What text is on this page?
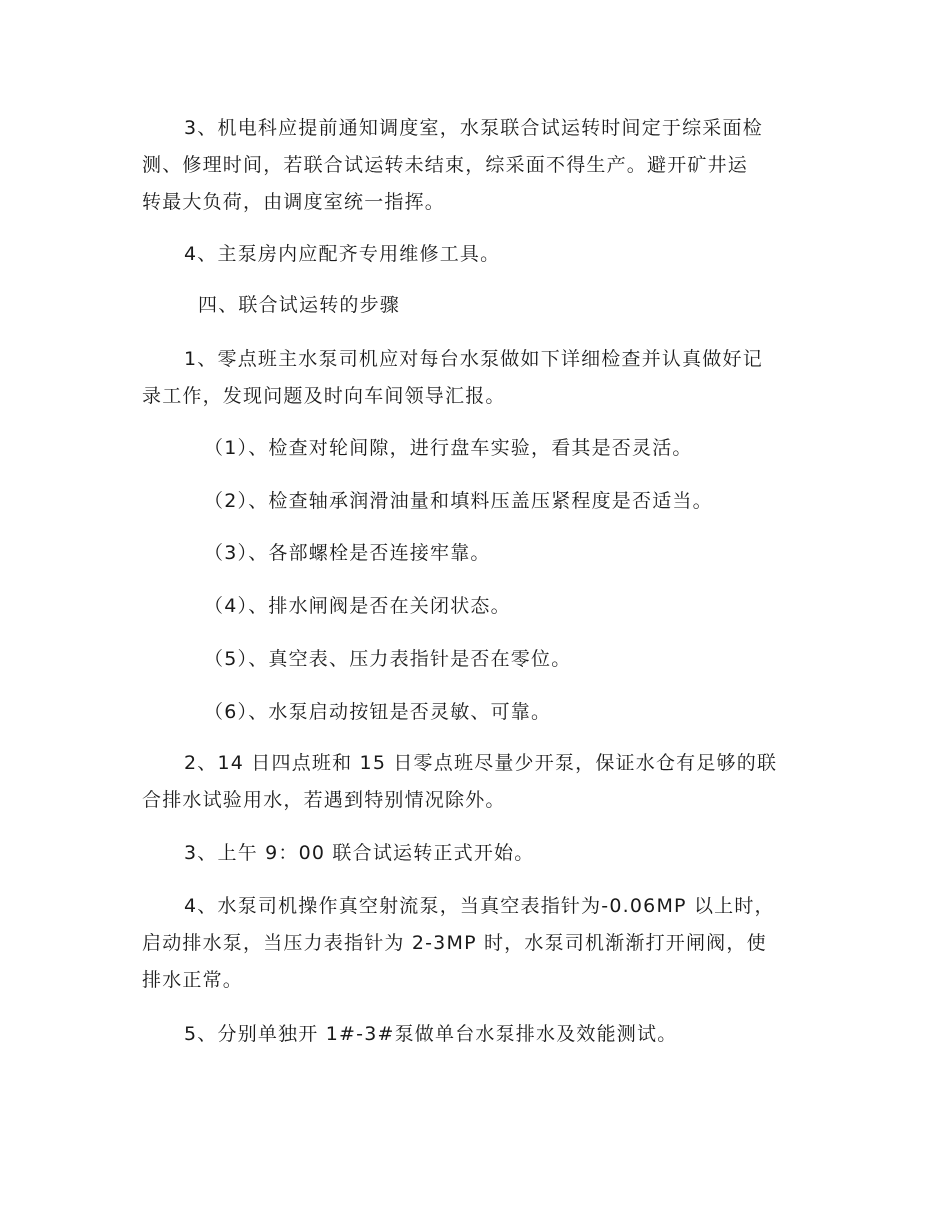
3、机电科应提前通知调度室，水泵联合试运转时间定于综采面检
测、修理时间，若联合试运转未结束，综采面不得生产。避开矿井运
转最大负荷，由调度室统一指挥。
4、主泵房内应配齐专用维修工具。
四、联合试运转的步骤
1、零点班主水泵司机应对每台水泵做如下详细检查并认真做好记
录工作，发现问题及时向车间领导汇报。
（1）、检查对轮间隙，进行盘车实验，看其是否灵活。
（2）、检查轴承润滑油量和填料压盖压紧程度是否适当。
（3）、各部螺栓是否连接牢靠。
（4）、排水闸阀是否在关闭状态。
（5）、真空表、压力表指针是否在零位。
（6）、水泵启动按钮是否灵敏、可靠。
2、14 日四点班和 15 日零点班尽量少开泵，保证水仓有足够的联
合排水试验用水，若遇到特别情况除外。
3、上午 9：00 联合试运转正式开始。
4、水泵司机操作真空射流泵，当真空表指针为-0.06MP 以上时，
启动排水泵，当压力表指针为 2-3MP 时，水泵司机渐渐打开闸阀，使
排水正常。
5、分别单独开 1#-3#泵做单台水泵排水及效能测试。
